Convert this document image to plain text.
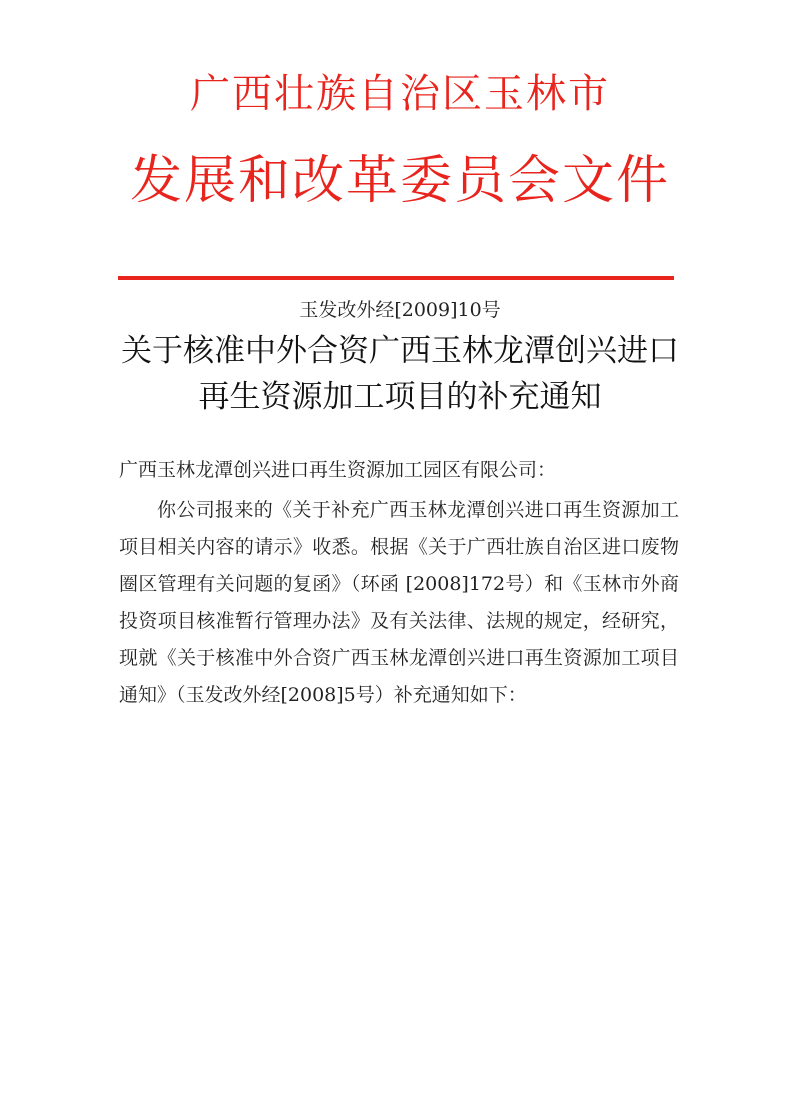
广西壮族自治区玉林市
发展和改革委员会文件
玉发改外经[2009]10号
关于核准中外合资广西玉林龙潭创兴进口
再生资源加工项目的补充通知
广西玉林龙潭创兴进口再生资源加工园区有限公司：

你公司报来的《关于补充广西玉林龙潭创兴进口再生资源加工项目相关内容的请示》收悉。根据《关于广西壮族自治区进口废物圈区管理有关问题的复函》（环函 [2008]172号）和《玉林市外商投资项目核准暂行管理办法》及有关法律、法规的规定，经研究，现就《关于核准中外合资广西玉林龙潭创兴进口再生资源加工项目通知》（玉发改外经[2008]5号）补充通知如下：
